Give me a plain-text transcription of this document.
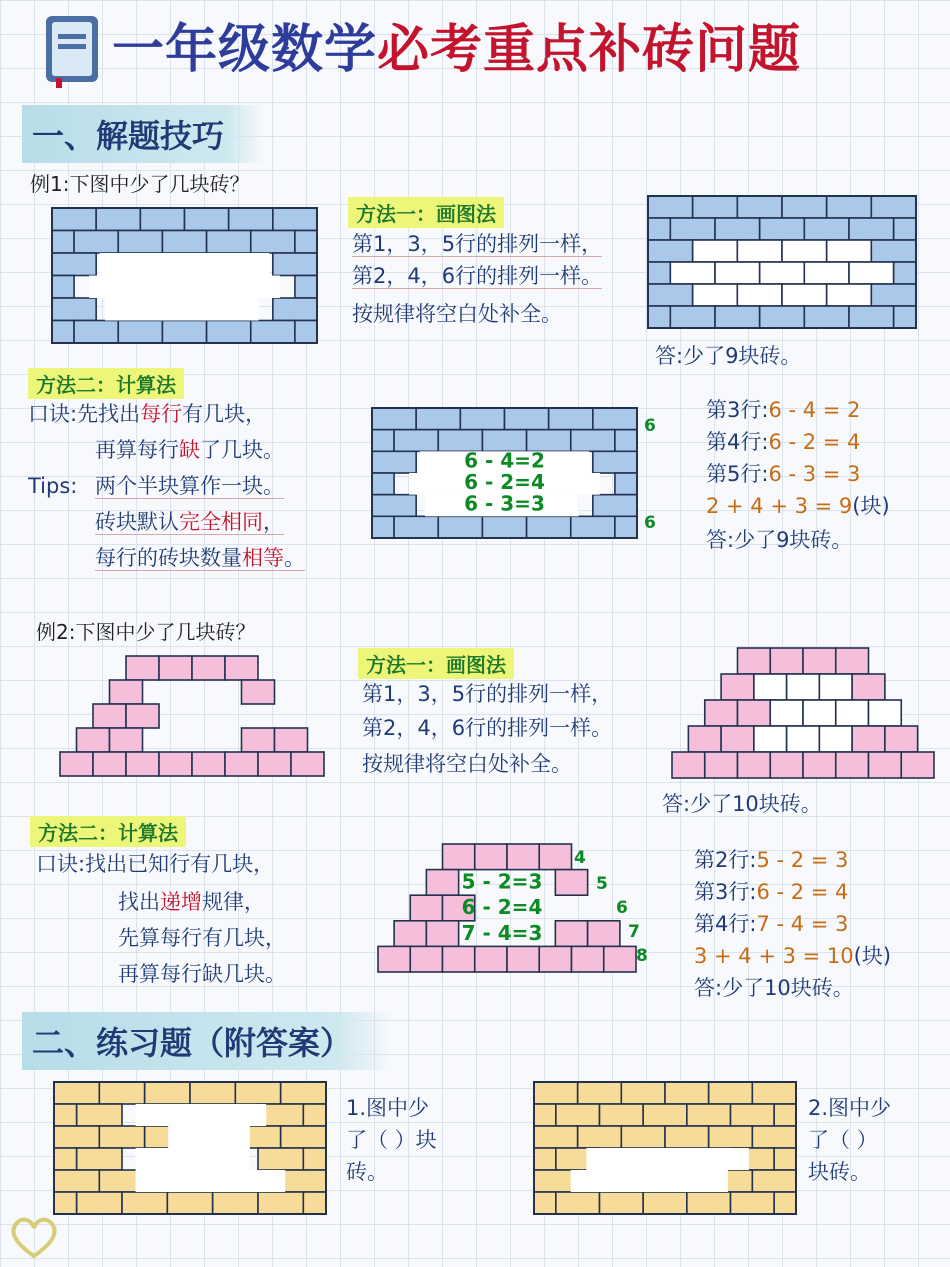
一年级数学必考重点补砖问题
一、解题技巧
例1:下图中少了几块砖？
方法一：画图法
第1，3，5行的排列一样，
第2，4，6行的排列一样。
按规律将空白处补全。
答:少了9块砖。
方法二：计算法
口诀:先找出每行有几块，
再算每行缺了几块。
Tips: 两个半块算作一块。
砖块默认完全相同，
每行的砖块数量相等。
6 - 4=2
6 - 2=4
6 - 3=3
6
6
第3行:6 - 4 = 2
第4行:6 - 2 = 4
第5行:6 - 3 = 3
2 + 4 + 3 = 9(块)
答:少了9块砖。
例2:下图中少了几块砖？
方法一：画图法
第1，3，5行的排列一样，
第2，4，6行的排列一样。
按规律将空白处补全。
答:少了10块砖。
方法二：计算法
口诀:找出已知行有几块，
找出递增规律，
先算每行有几块，
再算每行缺几块。
5 - 2=3
6 - 2=4
7 - 4=3
4
5
6
7
8
第2行:5 - 2 = 3
第3行:6 - 2 = 4
第4行:7 - 4 = 3
3 + 4 + 3 = 10(块)
答:少了10块砖。
二、练习题（附答案）
1.图中少
了（ ）块
砖。
2.图中少
了（ ）
块砖。
